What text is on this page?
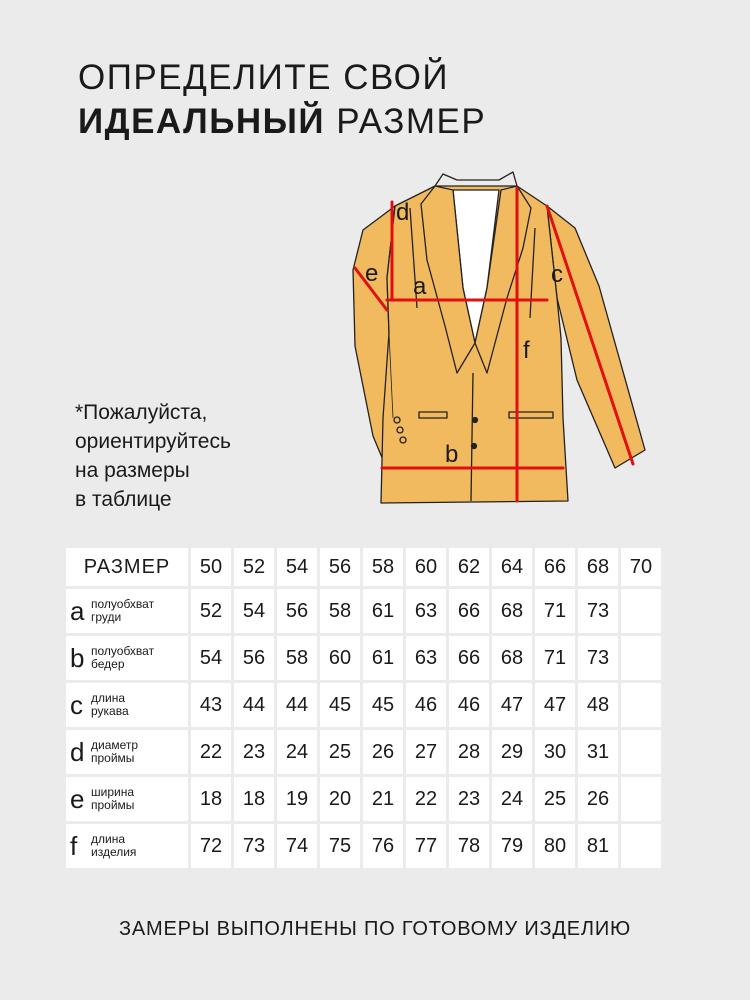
ОПРЕДЕЛИТЕ СВОЙ
ИДЕАЛЬНЫЙ РАЗМЕР
a
b
c
d
e
f
*Пожалуйста,
ориентируйтесь
на размеры
в таблице
РАЗМЕР	50	52	54	56	58	60	62	64	66	68	70

a полуобхват
груди	52	54	56	58	61	63	66	68	71	73	

b полуобхват
бедер	54	56	58	60	61	63	66	68	71	73	

c длина
рукава	43	44	44	45	45	46	46	47	47	48	

d диаметр
проймы	22	23	24	25	26	27	28	29	30	31	

e ширина
проймы	18	18	19	20	21	22	23	24	25	26	

f длина
изделия	72	73	74	75	76	77	78	79	80	81	
ЗАМЕРЫ ВЫПОЛНЕНЫ ПО ГОТОВОМУ ИЗДЕЛИЮ
